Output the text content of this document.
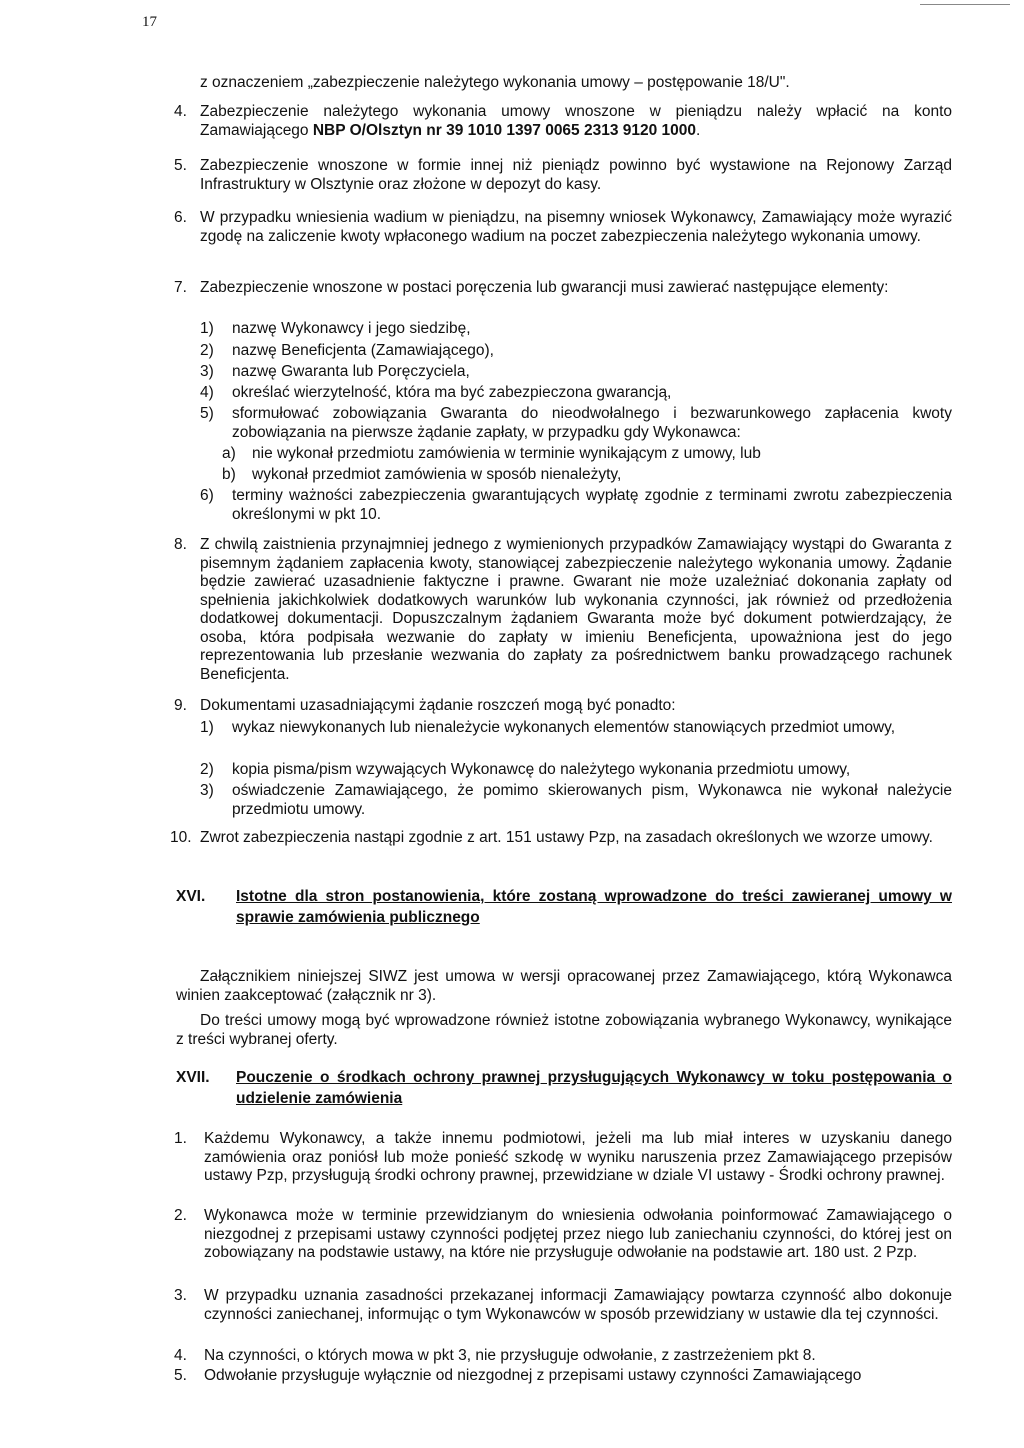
17
z oznaczeniem „zabezpieczenie należytego wykonania umowy – postępowanie 18/U".
4. Zabezpieczenie należytego wykonania umowy wnoszone w pieniądzu należy wpłacić na konto Zamawiającego NBP O/Olsztyn nr 39 1010 1397 0065 2313 9120 1000.
5. Zabezpieczenie wnoszone w formie innej niż pieniądz powinno być wystawione na Rejonowy Zarząd Infrastruktury w Olsztynie oraz złożone w depozyt do kasy.
6. W przypadku wniesienia wadium w pieniądzu, na pisemny wniosek Wykonawcy, Zamawiający może wyrazić zgodę na zaliczenie kwoty wpłaconego wadium na poczet zabezpieczenia należytego wykonania umowy.
7. Zabezpieczenie wnoszone w postaci poręczenia lub gwarancji musi zawierać następujące elementy:
1) nazwę Wykonawcy i jego siedzibę,
2) nazwę Beneficjenta (Zamawiającego),
3) nazwę Gwaranta lub Poręczyciela,
4) określać wierzytelność, która ma być zabezpieczona gwarancją,
5) sformułować zobowiązania Gwaranta do nieodwołalnego i bezwarunkowego zapłacenia kwoty zobowiązania na pierwsze żądanie zapłaty, w przypadku gdy Wykonawca:
a) nie wykonał przedmiotu zamówienia w terminie wynikającym z umowy, lub
b) wykonał przedmiot zamówienia w sposób nienależyty,
6) terminy ważności zabezpieczenia gwarantujących wypłatę zgodnie z terminami zwrotu zabezpieczenia określonymi w pkt 10.
8. Z chwilą zaistnienia przynajmniej jednego z wymienionych przypadków Zamawiający wystąpi do Gwaranta z pisemnym żądaniem zapłacenia kwoty, stanowiącej zabezpieczenie należytego wykonania umowy. Żądanie będzie zawierać uzasadnienie faktyczne i prawne. Gwarant nie może uzależniać dokonania zapłaty od spełnienia jakichkolwiek dodatkowych warunków lub wykonania czynności, jak również od przedłożenia dodatkowej dokumentacji. Dopuszczalnym żądaniem Gwaranta może być dokument potwierdzający, że osoba, która podpisała wezwanie do zapłaty w imieniu Beneficjenta, upoważniona jest do jego reprezentowania lub przesłanie wezwania do zapłaty za pośrednictwem banku prowadzącego rachunek Beneficjenta.
9. Dokumentami uzasadniającymi żądanie roszczeń mogą być ponadto:
1) wykaz niewykonanych lub nienależycie wykonanych elementów stanowiących przedmiot umowy,
2) kopia pisma/pism wzywających Wykonawcę do należytego wykonania przedmiotu umowy,
3) oświadczenie Zamawiającego, że pomimo skierowanych pism, Wykonawca nie wykonał należycie przedmiotu umowy.
10. Zwrot zabezpieczenia nastąpi zgodnie z art. 151 ustawy Pzp, na zasadach określonych we wzorze umowy.
XVI. Istotne dla stron postanowienia, które zostaną wprowadzone do treści zawieranej umowy w sprawie zamówienia publicznego
Załącznikiem niniejszej SIWZ jest umowa w wersji opracowanej przez Zamawiającego, którą Wykonawca winien zaakceptować (załącznik nr 3).
Do treści umowy mogą być wprowadzone również istotne zobowiązania wybranego Wykonawcy, wynikające z treści wybranej oferty.
XVII. Pouczenie o środkach ochrony prawnej przysługujących Wykonawcy w toku postępowania o udzielenie zamówienia
1. Każdemu Wykonawcy, a także innemu podmiotowi, jeżeli ma lub miał interes w uzyskaniu danego zamówienia oraz poniósł lub może ponieść szkodę w wyniku naruszenia przez Zamawiającego przepisów ustawy Pzp, przysługują środki ochrony prawnej, przewidziane w dziale VI ustawy - Środki ochrony prawnej.
2. Wykonawca może w terminie przewidzianym do wniesienia odwołania poinformować Zamawiającego o niezgodnej z przepisami ustawy czynności podjętej przez niego lub zaniechaniu czynności, do której jest on zobowiązany na podstawie ustawy, na które nie przysługuje odwołanie na podstawie art. 180 ust. 2 Pzp.
3. W przypadku uznania zasadności przekazanej informacji Zamawiający powtarza czynność albo dokonuje czynności zaniechanej, informując o tym Wykonawców w sposób przewidziany w ustawie dla tej czynności.
4. Na czynności, o których mowa w pkt 3, nie przysługuje odwołanie, z zastrzeżeniem pkt 8.
5. Odwołanie przysługuje wyłącznie od niezgodnej z przepisami ustawy czynności Zamawiającego
